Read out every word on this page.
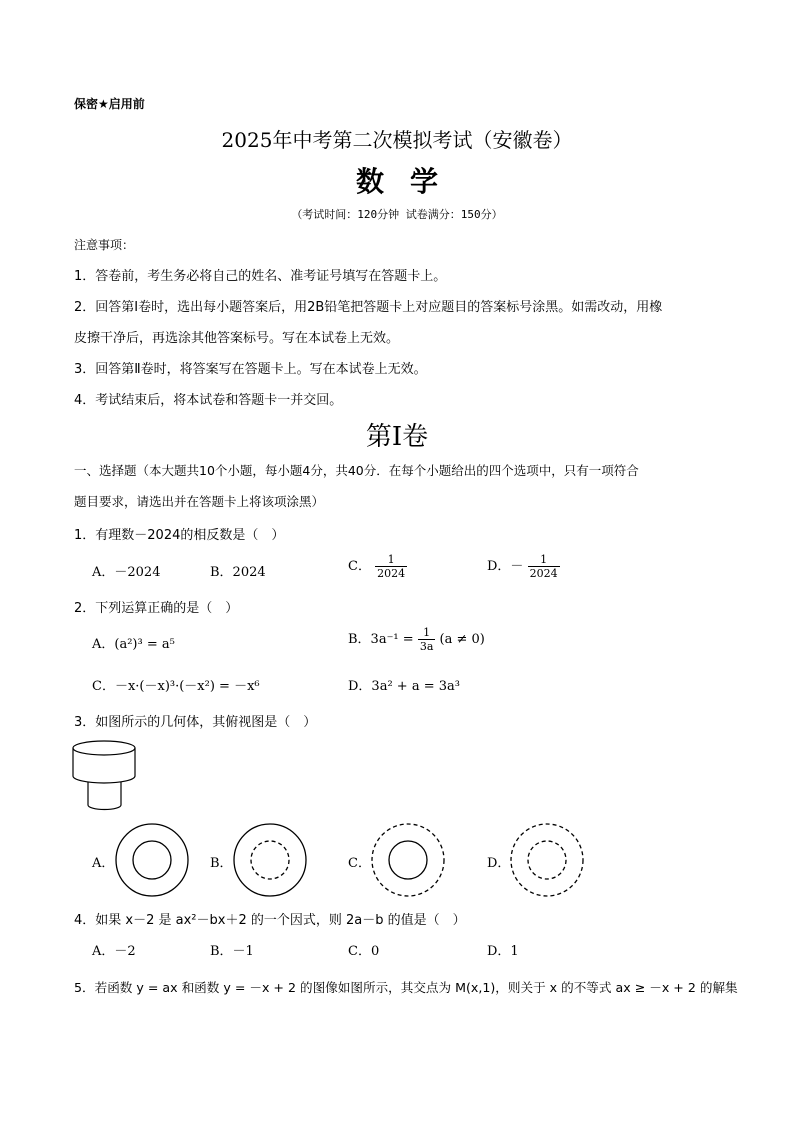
保密★启用前
2025年中考第二次模拟考试（安徽卷）
数学
（考试时间：120分钟 试卷满分：150分）
注意事项：
1．答卷前，考生务必将自己的姓名、准考证号填写在答题卡上。
2．回答第Ⅰ卷时，选出每小题答案后，用2B铅笔把答题卡上对应题目的答案标号涂黑。如需改动，用橡
皮擦干净后，再选涂其他答案标号。写在本试卷上无效。
3．回答第Ⅱ卷时，将答案写在答题卡上。写在本试卷上无效。
4．考试结束后，将本试卷和答题卡一并交回。
第Ⅰ卷
一、选择题（本大题共10个小题，每小题4分，共40分．在每个小题给出的四个选项中，只有一项符合
题目要求，请选出并在答题卡上将该项涂黑）
1．有理数－2024的相反数是（　）
A．－2024	B．2024	C． $\frac{1}{2024}$	D．－ $\frac{1}{2024}$
2．下列运算正确的是（　）
A．(a²)³ = a⁵	B．$3a^{-1} = \frac{1}{3a} (a \ne 0)$
C．－x·(－x)³·(－x²) = －x⁶	D．3a² + a = 3a³
3．如图所示的几何体，其俯视图是（　）
A．	B．	C．	D．
4．如果 x－2 是 ax²－bx＋2 的一个因式，则 2a－b 的值是（　）
A．－2	B．－1	C．0	D．1
5．若函数 y = ax 和函数 y = －x + 2 的图像如图所示，其交点为 M(x,1)，则关于 x 的不等式 ax ≥ －x + 2 的解集
